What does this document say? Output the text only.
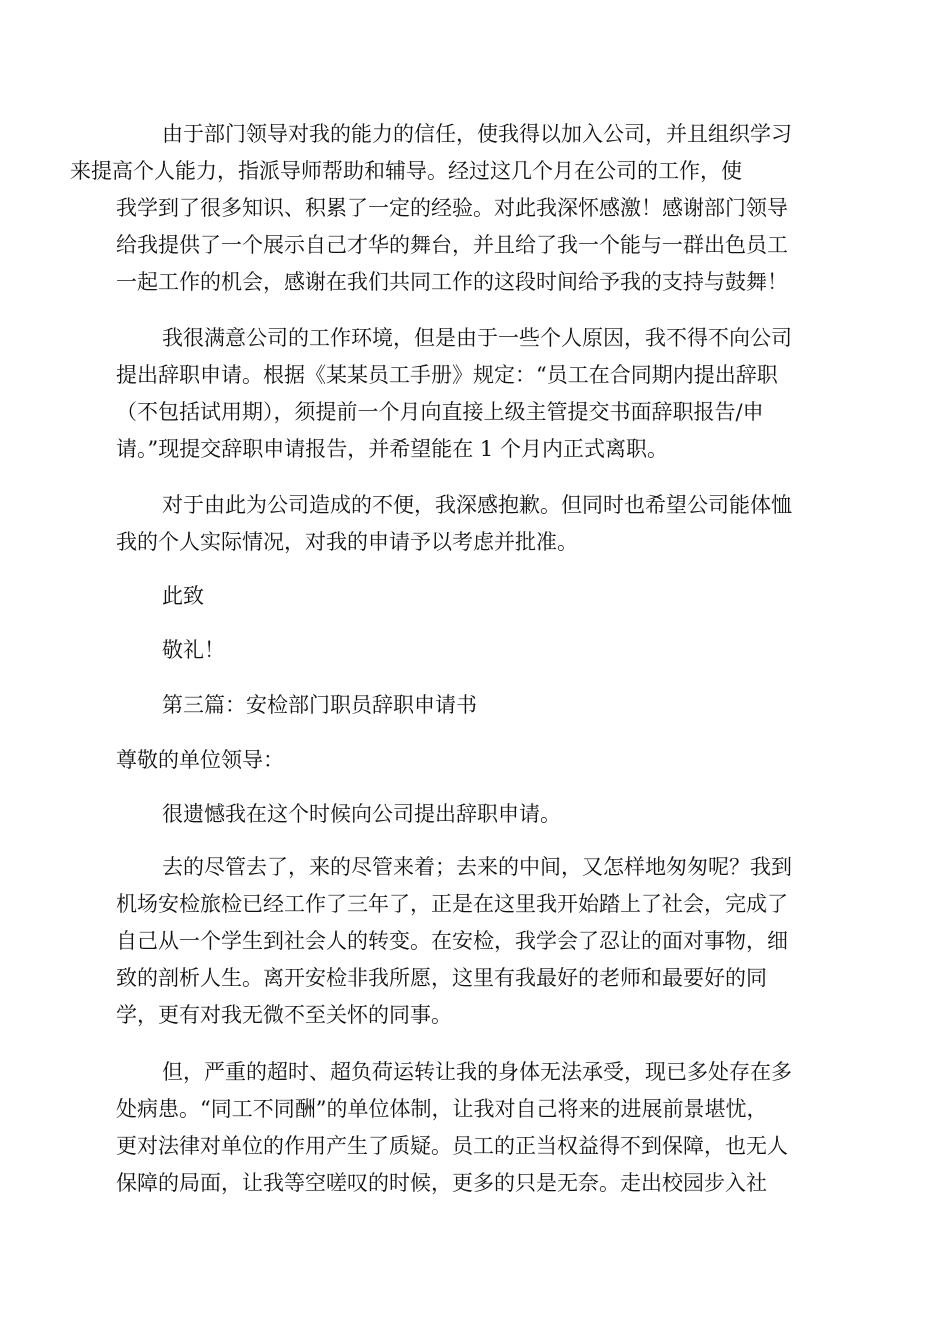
由于部门领导对我的能力的信任，使我得以加入公司，并且组织学习
来提高个人能力，指派导师帮助和辅导。经过这几个月在公司的工作，使
我学到了很多知识、积累了一定的经验。对此我深怀感激！感谢部门领导
给我提供了一个展示自己才华的舞台，并且给了我一个能与一群出色员工
一起工作的机会，感谢在我们共同工作的这段时间给予我的支持与鼓舞！
我很满意公司的工作环境，但是由于一些个人原因，我不得不向公司
提出辞职申请。根据《某某员工手册》规定：“员工在合同期内提出辞职
（不包括试用期），须提前一个月向直接上级主管提交书面辞职报告/申
请。”现提交辞职申请报告，并希望能在 1 个月内正式离职。
对于由此为公司造成的不便，我深感抱歉。但同时也希望公司能体恤
我的个人实际情况，对我的申请予以考虑并批准。
此致
敬礼！
第三篇：安检部门职员辞职申请书
尊敬的单位领导：
很遗憾我在这个时候向公司提出辞职申请。
去的尽管去了，来的尽管来着；去来的中间，又怎样地匆匆呢？我到
机场安检旅检已经工作了三年了，正是在这里我开始踏上了社会，完成了
自己从一个学生到社会人的转变。在安检，我学会了忍让的面对事物，细
致的剖析人生。离开安检非我所愿，这里有我最好的老师和最要好的同
学，更有对我无微不至关怀的同事。
但，严重的超时、超负荷运转让我的身体无法承受，现已多处存在多
处病患。“同工不同酬”的单位体制，让我对自己将来的进展前景堪忧，
更对法律对单位的作用产生了质疑。员工的正当权益得不到保障，也无人
保障的局面，让我等空嗟叹的时候，更多的只是无奈。走出校园步入社
